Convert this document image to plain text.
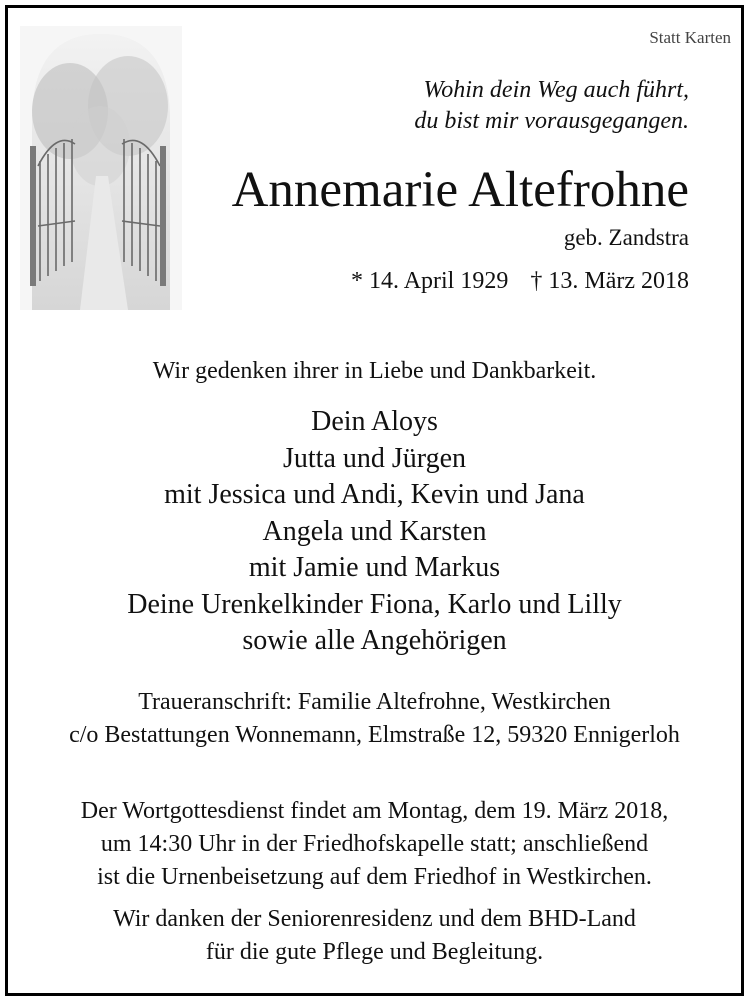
Statt Karten
Wohin dein Weg auch führt,
du bist mir vorausgegangen.
Annemarie Altefrohne
geb. Zandstra
* 14. April 1929 † 13. März 2018
Wir gedenken ihrer in Liebe und Dankbarkeit.
Dein Aloys
Jutta und Jürgen
mit Jessica und Andi, Kevin und Jana
Angela und Karsten
mit Jamie und Markus
Deine Urenkelkinder Fiona, Karlo und Lilly
sowie alle Angehörigen
Traueranschrift: Familie Altefrohne, Westkirchen
c/o Bestattungen Wonnemann, Elmstraße 12, 59320 Ennigerloh
Der Wortgottesdienst findet am Montag, dem 19. März 2018,
um 14:30 Uhr in der Friedhofskapelle statt; anschließend
ist die Urnenbeisetzung auf dem Friedhof in Westkirchen.
Wir danken der Seniorenresidenz und dem BHD-Land
für die gute Pflege und Begleitung.
